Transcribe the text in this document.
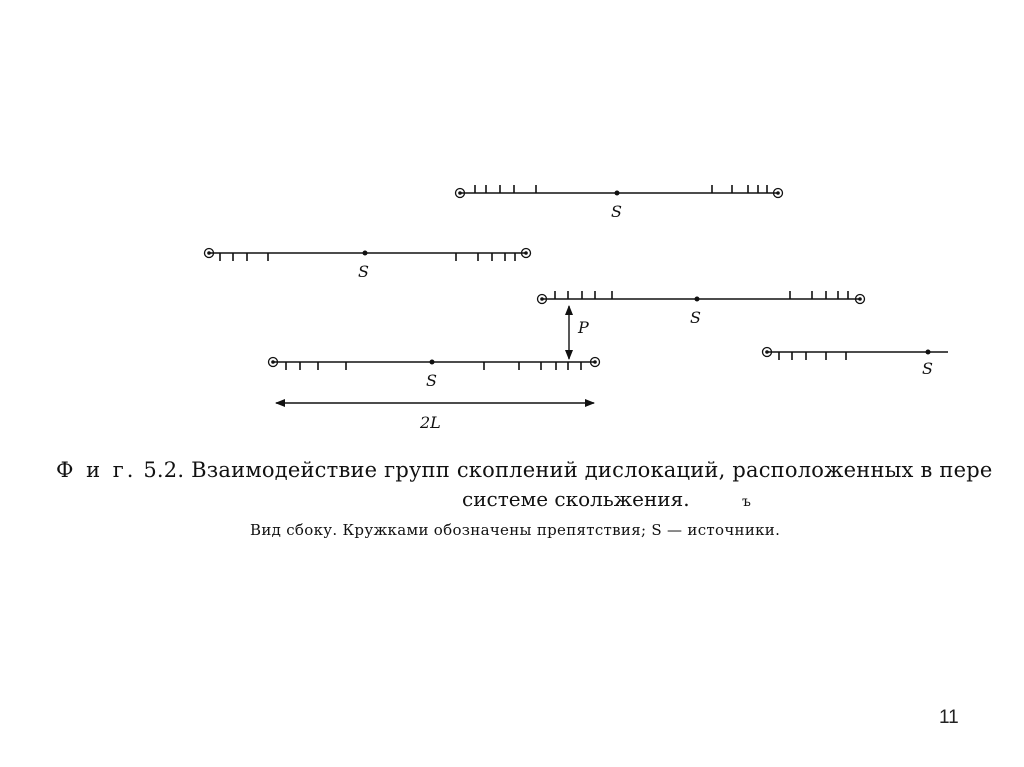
S
S
S
P
S
S
2L
Ф и г. 5.2. Взаимодействие групп скоплений дислокаций, расположенных в пере
системе скольжения.	ъ
Вид сбоку. Кружками обозначены препятствия; S — источники.
11
